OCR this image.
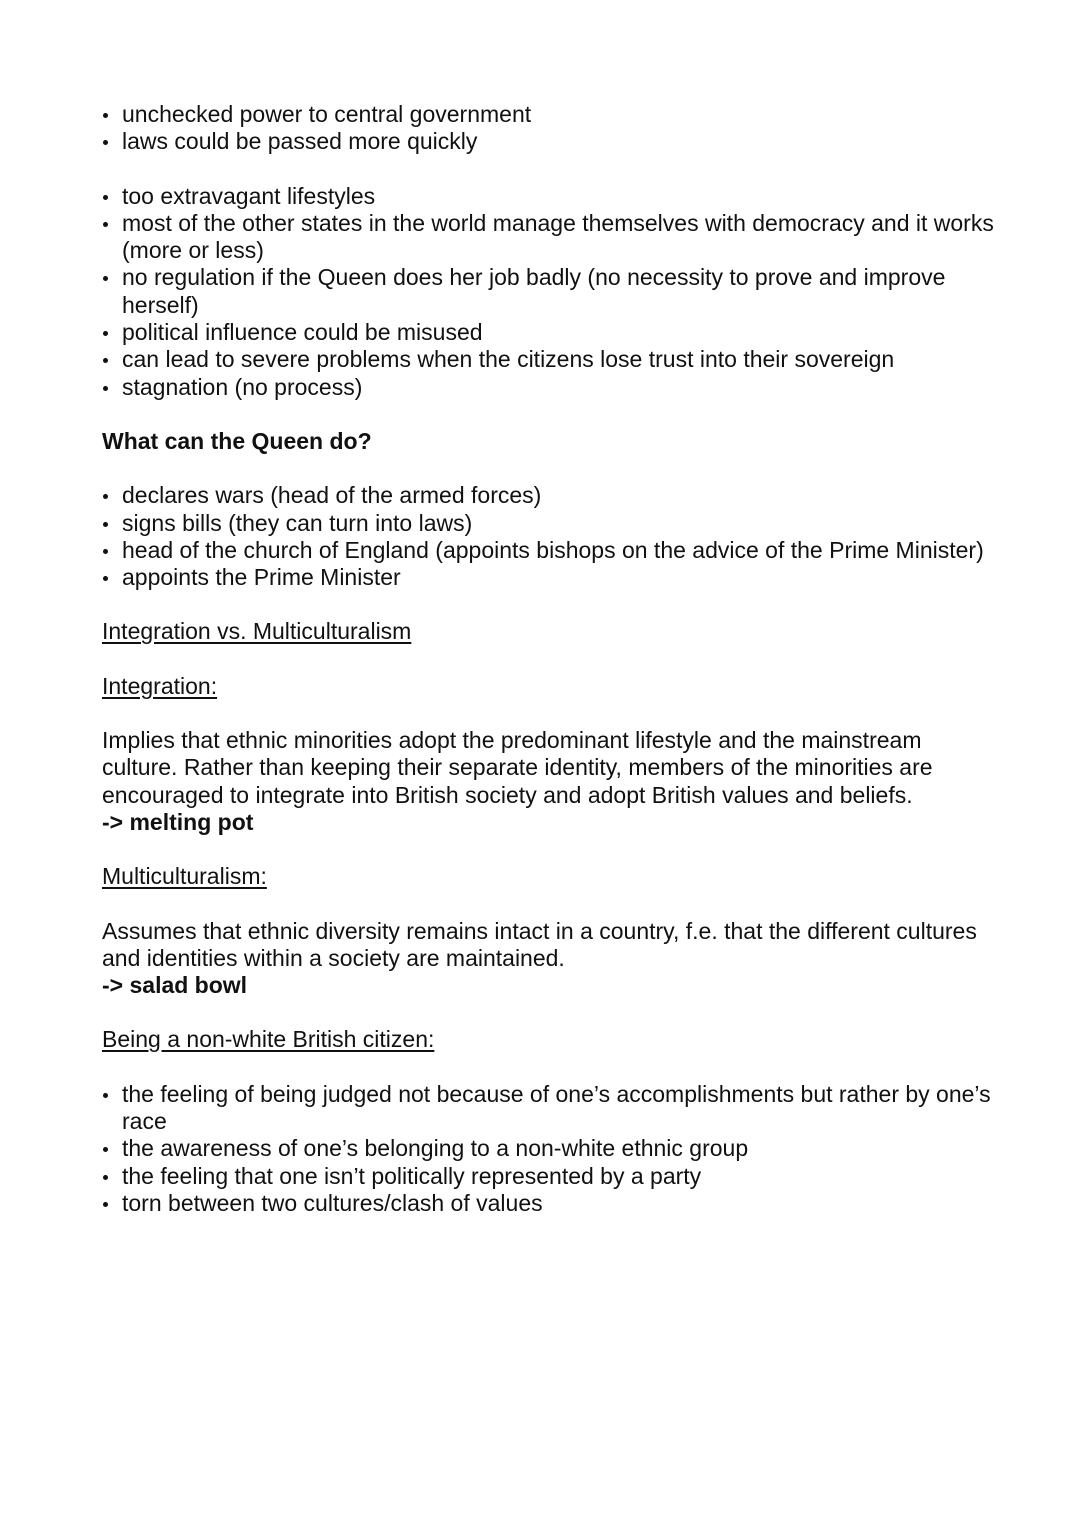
unchecked power to central government
laws could be passed more quickly
too extravagant lifestyles
most of the other states in the world manage themselves with democracy and it works (more or less)
no regulation if the Queen does her job badly (no necessity to prove and improve herself)
political influence could be misused
can lead to severe problems when the citizens lose trust into their sovereign
stagnation (no process)

What can the Queen do?

declares wars (head of the armed forces)
signs bills (they can turn into laws)
head of the church of England (appoints bishops on the advice of the Prime Minister)
appoints the Prime Minister

Integration vs. Multiculturalism

Integration:

Implies that ethnic minorities adopt the predominant lifestyle and the mainstream culture. Rather than keeping their separate identity, members of the minorities are encouraged to integrate into British society and adopt British values and beliefs.

-> melting pot

Multiculturalism:

Assumes that ethnic diversity remains intact in a country, f.e. that the different cultures and identities within a society are maintained.

-> salad bowl

Being a non-white British citizen:

the feeling of being judged not because of one’s accomplishments but rather by one’s race
the awareness of one’s belonging to a non-white ethnic group
the feeling that one isn’t politically represented by a party
torn between two cultures/clash of values
